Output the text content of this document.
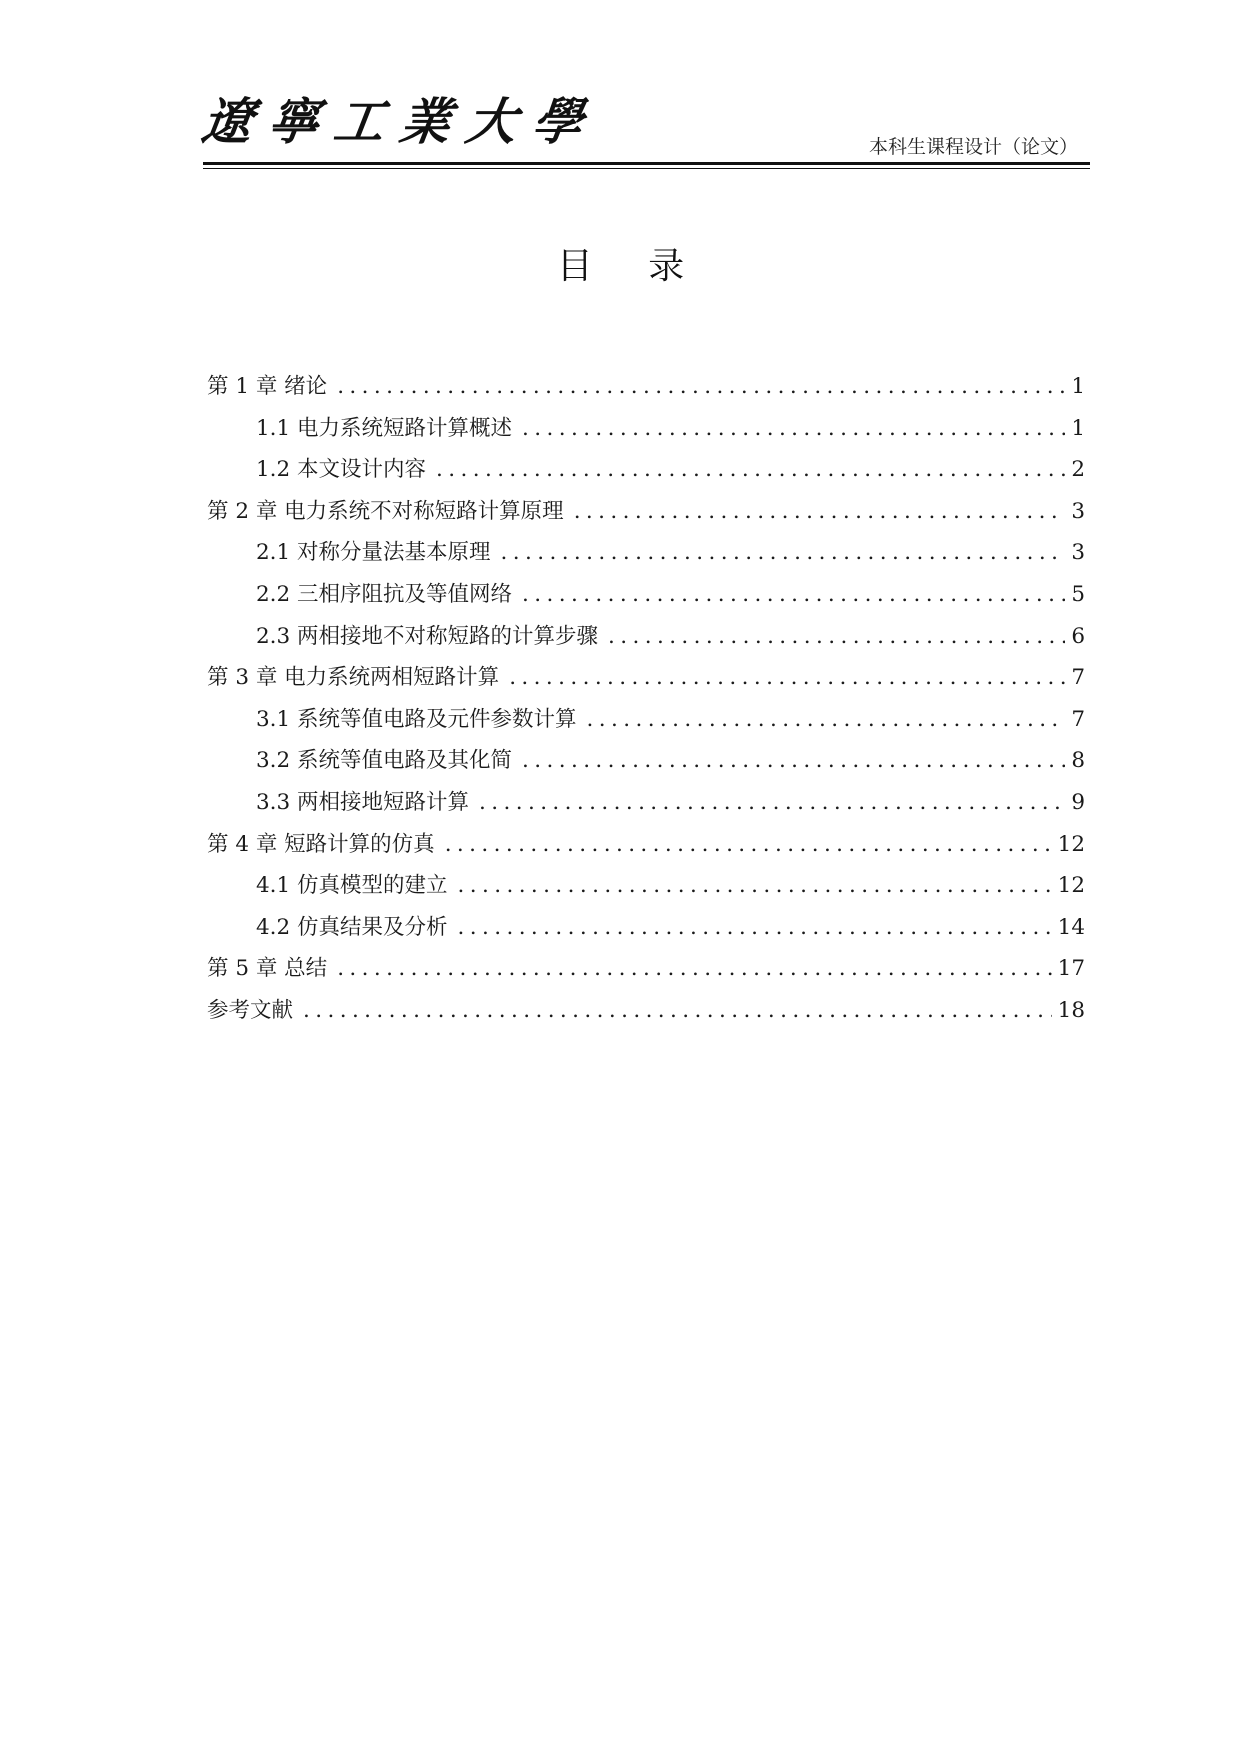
遼寧工業大學	本科生课程设计（论文）
目 录
第 1 章 绪论 .....	1
1.1 电力系统短路计算概述 .....	1
1.2 本文设计内容 .....	2
第 2 章 电力系统不对称短路计算原理 .....	3
2.1 对称分量法基本原理 .....	3
2.2 三相序阻抗及等值网络 .....	5
2.3 两相接地不对称短路的计算步骤 .....	6
第 3 章 电力系统两相短路计算 .....	7
3.1 系统等值电路及元件参数计算 .....	7
3.2 系统等值电路及其化简 .....	8
3.3 两相接地短路计算 .....	9
第 4 章 短路计算的仿真 .....	12
4.1 仿真模型的建立 .....	12
4.2 仿真结果及分析 .....	14
第 5 章 总结 .....	17
参考文献 .....	18
